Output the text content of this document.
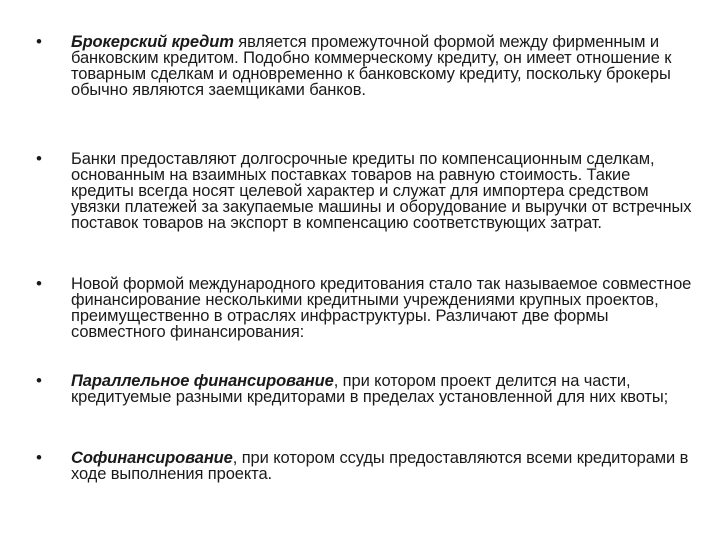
• Брокерский кредит является промежуточной формой между фирменным и банковским кредитом. Подобно коммерческому кредиту, он имеет отношение к товарным сделкам и одновременно к банковскому кредиту, поскольку брокеры обычно являются заемщиками банков.
• Банки предоставляют долгосрочные кредиты по компенсационным сделкам, основанным на взаимных поставках товаров на равную стоимость. Такие кредиты всегда носят целевой характер и служат для импортера средством увязки платежей за закупаемые машины и оборудование и выручки от встречных поставок товаров на экспорт в компенсацию соответствующих затрат.
• Новой формой международного кредитования стало так называемое совместное финансирование несколькими кредитными учреждениями крупных проектов, преимущественно в отраслях инфраструктуры. Различают две формы совместного финансирования:
• Параллельное финансирование, при котором проект делится на части, кредитуемые разными кредиторами в пределах установленной для них квоты;
• Софинансирование, при котором ссуды предоставляются всеми кредиторами в ходе выполнения проекта.
